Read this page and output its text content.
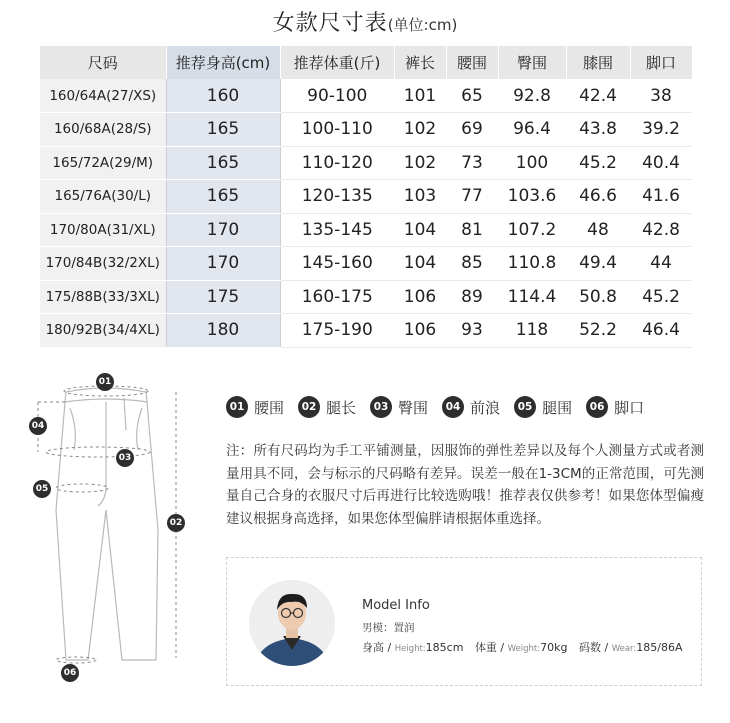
女款尺寸表(单位:cm)
尺码	推荐身高(cm)	推荐体重(斤)	裤长	腰围	臀围	膝围	脚口
160/64A(27/XS)	160	90-100	101	65	92.8	42.4	38
160/68A(28/S)	165	100-110	102	69	96.4	43.8	39.2
165/72A(29/M)	165	110-120	102	73	100	45.2	40.4
165/76A(30/L)	165	120-135	103	77	103.6	46.6	41.6
170/80A(31/XL)	170	135-145	104	81	107.2	48	42.8
170/84B(32/2XL)	170	145-160	104	85	110.8	49.4	44
175/88B(33/3XL)	175	160-175	106	89	114.4	50.8	45.2
180/92B(34/4XL)	180	175-190	106	93	118	52.2	46.4
01
02
03
04
05
06
01 腰围	02 腿长	03 臀围	04 前浪	05 腿围	06 脚口
注：所有尺码均为手工平铺测量，因服饰的弹性差异以及每个人测量方式或者测量用具不同，会与标示的尺码略有差异。误差一般在1-3CM的正常范围，可先测量自己合身的衣服尺寸后再进行比较选购哦！推荐表仅供参考！如果您体型偏瘦建议根据身高选择，如果您体型偏胖请根据体重选择。
Model Info
男模：置润
身高 / Height:185cm 体重 / Weight:70kg 码数 / Wear:185/86A
